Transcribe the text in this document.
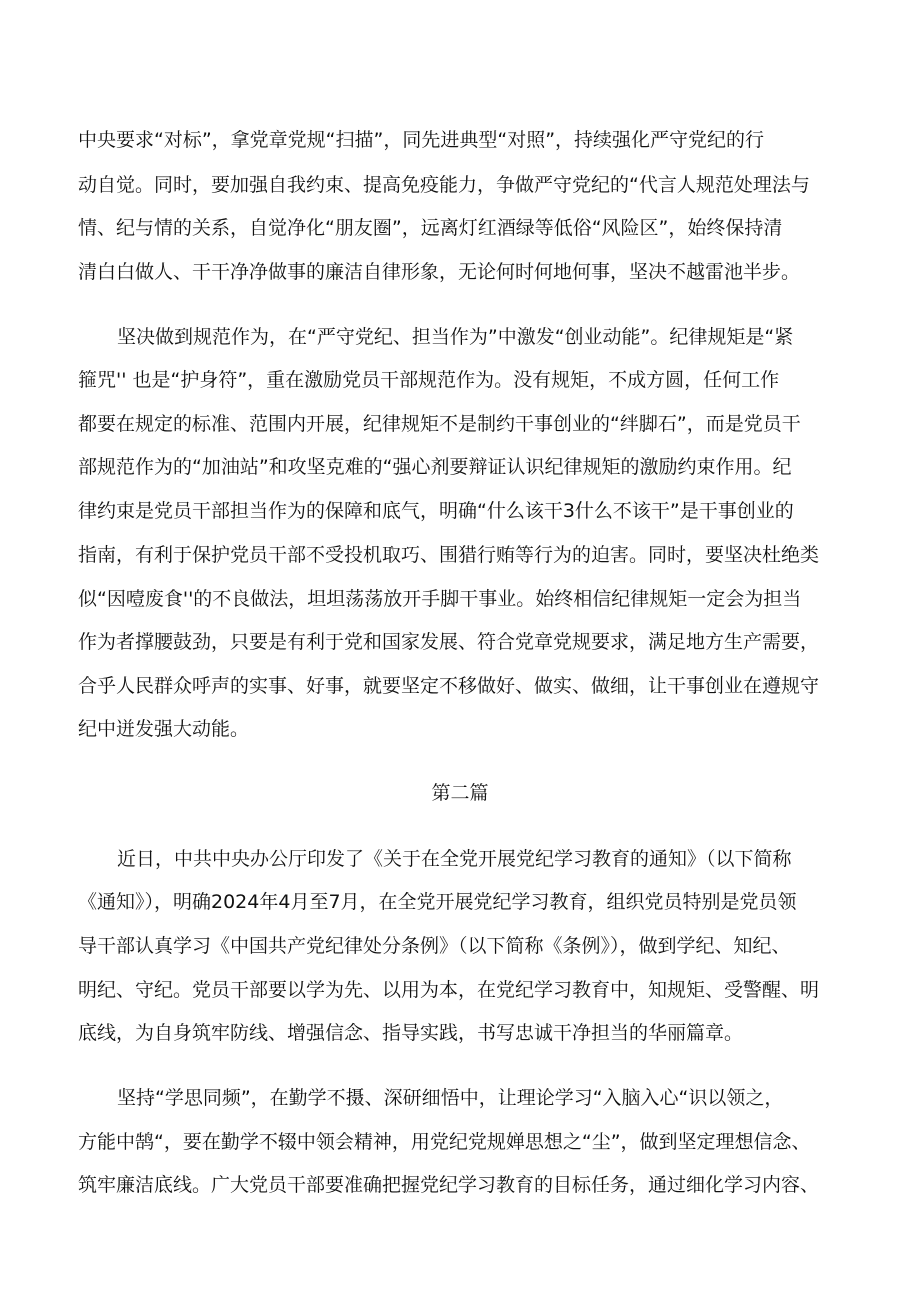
中央要求“对标”，拿党章党规“扫描”，同先进典型“对照”，持续强化严守党纪的行
动自觉。同时，要加强自我约束、提高免疫能力，争做严守党纪的“代言人规范处理法与
情、纪与情的关系，自觉净化“朋友圈”，远离灯红酒绿等低俗“风险区”，始终保持清
清白白做人、干干净净做事的廉洁自律形象，无论何时何地何事，坚决不越雷池半步。
坚决做到规范作为，在“严守党纪、担当作为”中激发“创业动能”。纪律规矩是“紧
箍咒'' 也是“护身符”，重在激励党员干部规范作为。没有规矩，不成方圆，任何工作
都要在规定的标准、范围内开展，纪律规矩不是制约干事创业的“绊脚石”，而是党员干
部规范作为的“加油站”和攻坚克难的“强心剂要辩证认识纪律规矩的激励约束作用。纪
律约束是党员干部担当作为的保障和底气，明确“什么该干3什么不该干”是干事创业的
指南，有利于保护党员干部不受投机取巧、围猎行贿等行为的迫害。同时，要坚决杜绝类
似“因噎废食''的不良做法，坦坦荡荡放开手脚干事业。始终相信纪律规矩一定会为担当
作为者撑腰鼓劲，只要是有利于党和国家发展、符合党章党规要求，满足地方生产需要，
合乎人民群众呼声的实事、好事，就要坚定不移做好、做实、做细，让干事创业在遵规守
纪中迸发强大动能。
第二篇
近日，中共中央办公厅印发了《关于在全党开展党纪学习教育的通知》（以下简称
《通知》），明确2024年4月至7月，在全党开展党纪学习教育，组织党员特别是党员领
导干部认真学习《中国共产党纪律处分条例》（以下简称《条例》），做到学纪、知纪、
明纪、守纪。党员干部要以学为先、以用为本，在党纪学习教育中，知规矩、受警醒、明
底线，为自身筑牢防线、增强信念、指导实践，书写忠诚干净担当的华丽篇章。
坚持“学思同频”，在勤学不摄、深研细悟中，让理论学习“入脑入心“识以领之，
方能中鹄“，要在勤学不辍中领会精神，用党纪党规婵思想之“尘”，做到坚定理想信念、
筑牢廉洁底线。广大党员干部要准确把握党纪学习教育的目标任务，通过细化学习内容、
